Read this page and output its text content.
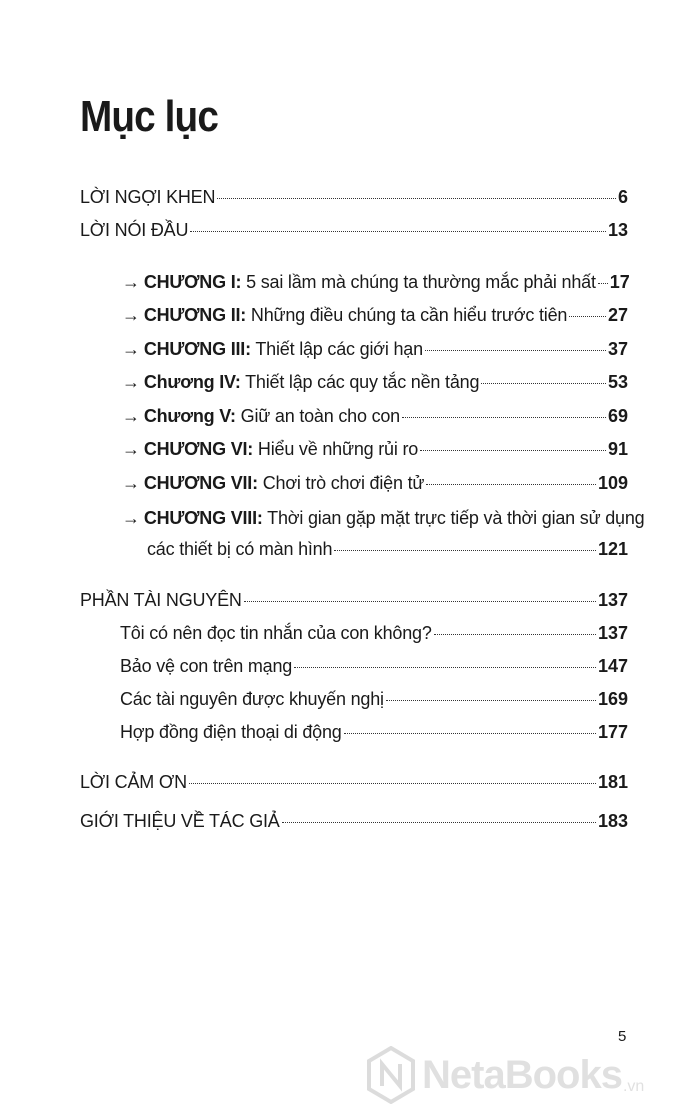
Mục lục
LỜI NGỢI KHEN	6
LỜI NÓI ĐẦU	13
→ CHƯƠNG I: 5 sai lầm mà chúng ta thường mắc phải nhất 17
→ CHƯƠNG II: Những điều chúng ta cần hiểu trước tiên 27
→ CHƯƠNG III: Thiết lập các giới hạn	37
→ Chương IV: Thiết lập các quy tắc nền tảng	53
→ Chương V: Giữ an toàn cho con	69
→ CHƯƠNG VI: Hiểu về những rủi ro	91
→ CHƯƠNG VII: Chơi trò chơi điện tử	109
→ CHƯƠNG VIII: Thời gian gặp mặt trực tiếp và thời gian sử dụng
các thiết bị có màn hình	121
PHẦN TÀI NGUYÊN	137
Tôi có nên đọc tin nhắn của con không?	137
Bảo vệ con trên mạng	147
Các tài nguyên được khuyến nghị	169
Hợp đồng điện thoại di động	177
LỜI CẢM ƠN	181
GIỚI THIỆU VỀ TÁC GIẢ	183
5
NetaBooks .vn
